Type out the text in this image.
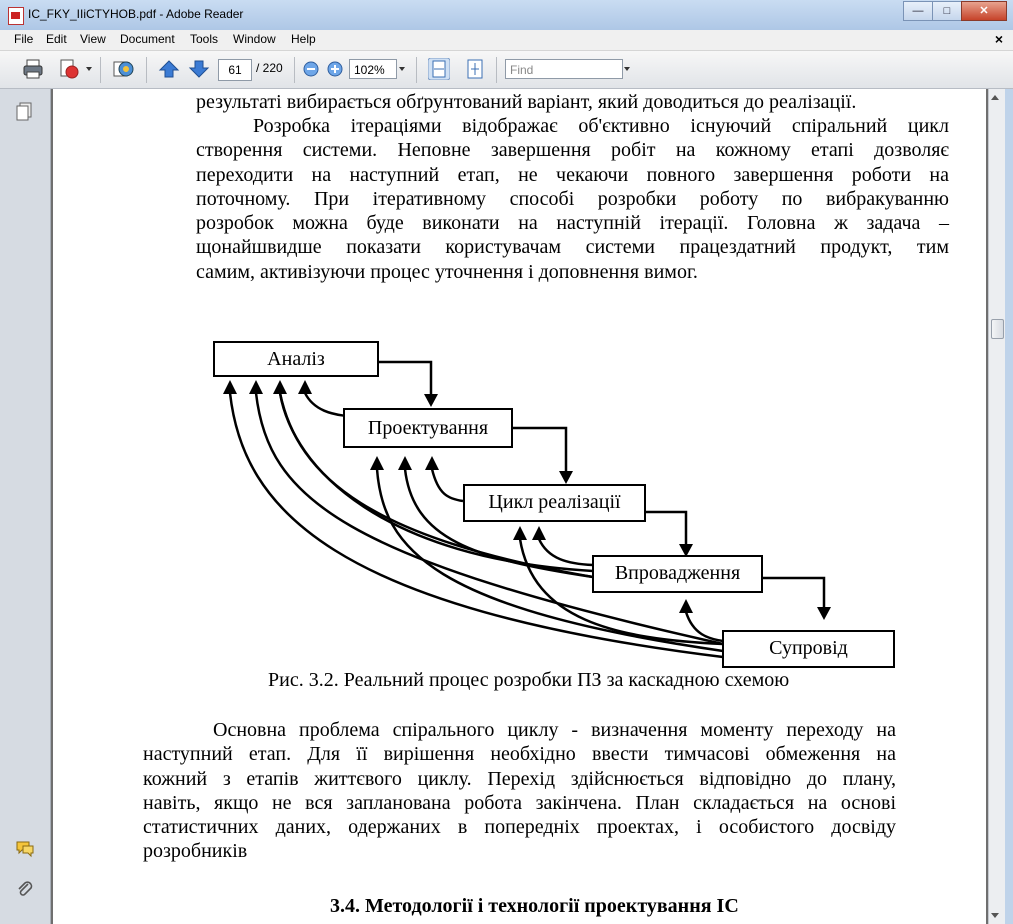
IC_FKY_IIiCTYHOB.pdf - Adobe Reader	—	□	✕
File Edit View Document Tools Window Help	×
61	/ 220	102%	Find
результаті вибирається обґрунтований варіант, який доводиться до реалізації.
Розробка ітераціями відображає об'єктивно існуючий спіральний цикл
створення системи. Неповне завершення робіт на кожному етапі дозволяє
переходити на наступний етап, не чекаючи повного завершення роботи на
поточному. При ітеративному способі розробки роботу по вибракуванню
розробок можна буде виконати на наступній ітерації. Головна ж задача –
щонайшвидше показати користувачам системи працездатний продукт, тим
самим, активізуючи процес уточнення і доповнення вимог.
Аналіз
Проектування
Цикл реалізації
Впровадження
Супровід
Рис. 3.2. Реальний процес розробки ПЗ за каскадною схемою
Основна проблема спірального циклу - визначення моменту переходу на
наступний етап. Для її вирішення необхідно ввести тимчасові обмеження на
кожний з етапів життєвого циклу. Перехід здійснюється відповідно до плану,
навіть, якщо не вся запланована робота закінчена. План складається на основі
статистичних даних, одержаних в попередніх проектах, і особистого досвіду
розробників
3.4. Методології і технології проектування ІС
